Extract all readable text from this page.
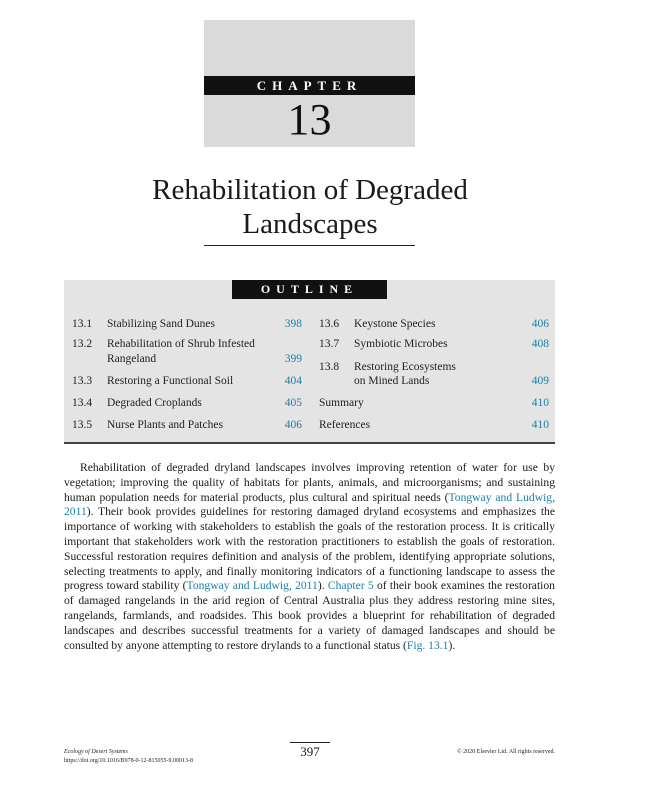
CHAPTER
13
Rehabilitation of Degraded
Landscapes
OUTLINE
13.1 Stabilizing Sand Dunes	398
13.2 Rehabilitation of Shrub Infested
Rangeland	399
13.3 Restoring a Functional Soil	404
13.4 Degraded Croplands	405
13.5 Nurse Plants and Patches	406
13.6 Keystone Species	406
13.7 Symbiotic Microbes	408
13.8 Restoring Ecosystems
on Mined Lands	409
Summary	410
References	410
Rehabilitation of degraded dryland landscapes involves improving retention of water for use by vegetation; improving the quality of habitats for plants, animals, and microorganisms; and sustaining human population needs for material products, plus cultural and spiritual needs (Tongway and Ludwig, 2011). Their book provides guidelines for restoring damaged dryland ecosystems and emphasizes the importance of working with stakeholders to establish the goals of the restoration process. It is critically important that stakeholders work with the restoration practitioners to establish the goals of restoration. Successful restoration requires definition and analysis of the problem, identifying appropriate solutions, selecting treatments to apply, and finally monitoring indicators of a functioning landscape to assess the progress toward stability (Tongway and Ludwig, 2011). Chapter 5 of their book examines the restoration of damaged rangelands in the arid region of Central Australia plus they address restoring mine sites, rangelands, farmlands, and roadsides. This book provides a blueprint for rehabilitation of degraded landscapes and describes successful treatments for a variety of damaged landscapes and should be consulted by anyone attempting to restore drylands to a functional status (Fig. 13.1).
397
Ecology of Desert Systems
https://doi.org/10.1016/B978-0-12-815055-9.00013-8
© 2020 Elsevier Ltd. All rights reserved.
